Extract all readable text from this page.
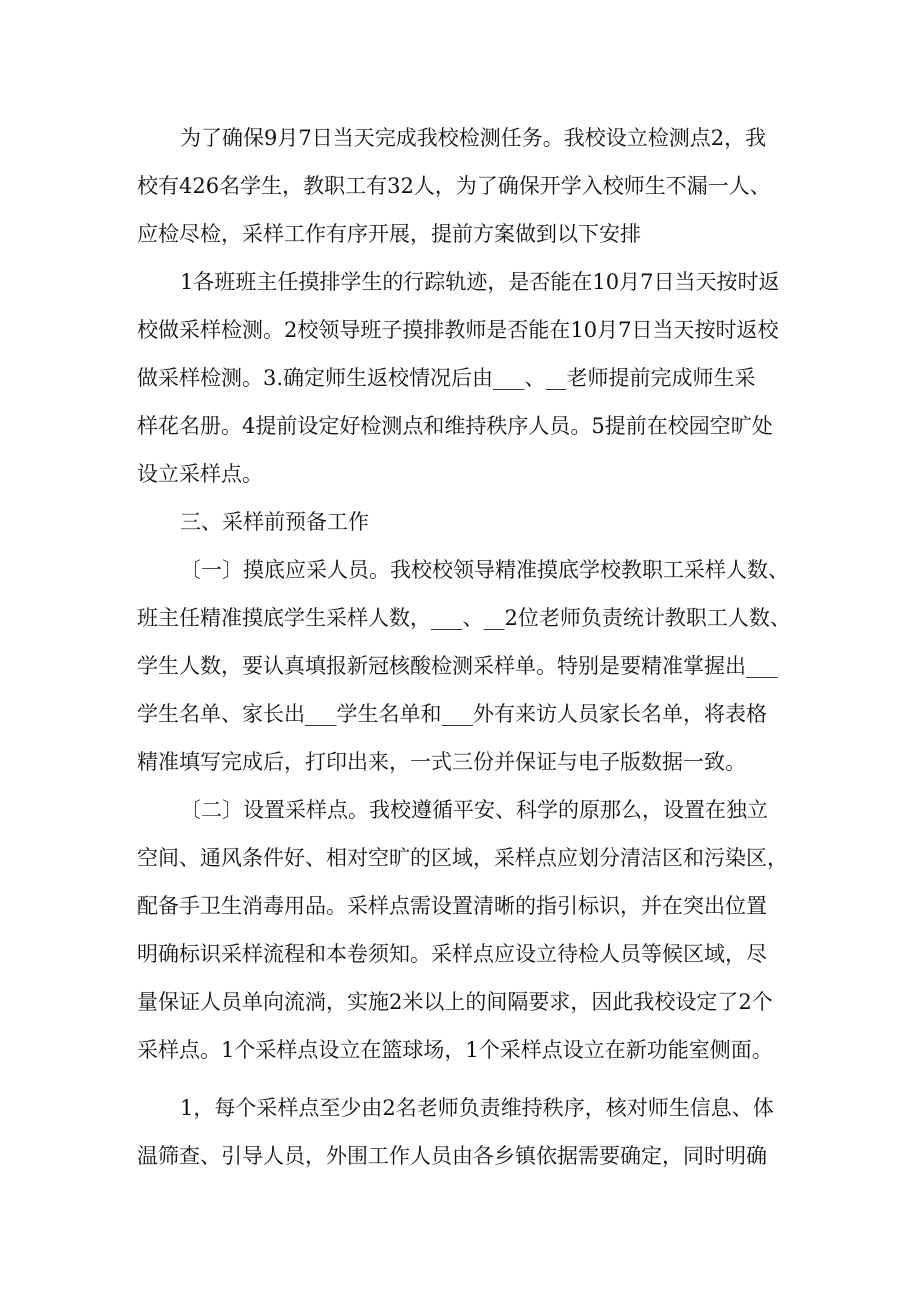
为了确保9月7日当天完成我校检测任务。我校设立检测点2，我
校有426名学生，教职工有32人，为了确保开学入校师生不漏一人、
应检尽检，采样工作有序开展，提前方案做到以下安排
1各班班主任摸排学生的行踪轨迹，是否能在10月7日当天按时返
校做采样检测。2校领导班子摸排教师是否能在10月7日当天按时返校
做采样检测。3.确定师生返校情况后由___、__老师提前完成师生采
样花名册。4提前设定好检测点和维持秩序人员。5提前在校园空旷处
设立采样点。
三、采样前预备工作
〔一〕摸底应采人员。我校校领导精准摸底学校教职工采样人数、
班主任精准摸底学生采样人数，___、__2位老师负责统计教职工人数、
学生人数，要认真填报新冠核酸检测采样单。特别是要精准掌握出___
学生名单、家长出___学生名单和___外有来访人员家长名单，将表格
精准填写完成后，打印出来，一式三份并保证与电子版数据一致。
〔二〕设置采样点。我校遵循平安、科学的原那么，设置在独立
空间、通风条件好、相对空旷的区域，采样点应划分清洁区和污染区，
配备手卫生消毒用品。采样点需设置清晰的指引标识，并在突出位置
明确标识采样流程和本卷须知。采样点应设立待检人员等候区域，尽
量保证人员单向流淌，实施2米以上的间隔要求，因此我校设定了2个
采样点。1个采样点设立在篮球场，1个采样点设立在新功能室侧面。
1，每个采样点至少由2名老师负责维持秩序，核对师生信息、体
温筛查、引导人员，外围工作人员由各乡镇依据需要确定，同时明确
